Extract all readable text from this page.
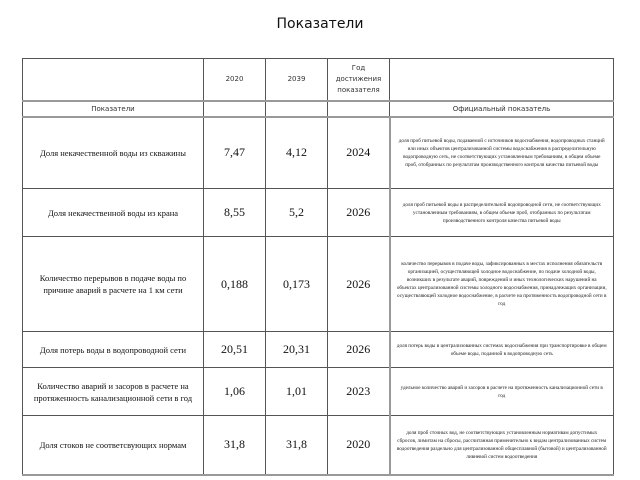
Показатели
	2020	2039	Год достижения показателя	
Показатели				Официальный показатель
Доля некачественной воды из скважины	7,47	4,12	2024	доля проб питьевой воды, подаваемой с источников водоснабжения, водопроводных станций или иных объектов централизованной системы водоснабжения в распределительную водопроводную сеть, не соответствующих установленным требованиям, в общем объеме проб, отобранных по результатам производственного контроля качества питьевой воды
Доля некачественной воды из крана	8,55	5,2	2026	доля проб питьевой воды в распределительной водопроводной сети, не соответствующих установленным требованиям, в общем объеме проб, отобранных по результатам производственного контроля качества питьевой воды
Количество перерывов в подаче воды по причине аварий в расчете на 1 км сети	0,188	0,173	2026	количество перерывов в подаче воды, зафиксированных в местах исполнения обязательств организацией, осуществляющей холодное водоснабжение, по подаче холодной воды, возникших в результате аварий, повреждений и иных технологических нарушений на объектах централизованной системы холодного водоснабжения, принадлежащих организации, осуществляющей холодное водоснабжение, в расчете на протяженность водопроводной сети в год
Доля потерь воды в водопроводной сети	20,51	20,31	2026	доля потерь воды в централизованных системах водоснабжения при транспортировке в общем объеме воды, поданной в водопроводную сеть
Количество аварий и засоров в расчете на протяженность канализационной сети в год	1,06	1,01	2023	удельное количество аварий и засоров в расчете на протяженность канализационной сети в год
Доля стоков не соответсвующих нормам	31,8	31,8	2020	доля проб сточных вод, не соответствующих установленным нормативам допустимых сбросов, лимитам на сбросы, рассчитанная применительно к видам централизованных систем водоотведения раздельно для централизованной общесплавной (бытовой) и централизованной ливневой систем водоотведения
